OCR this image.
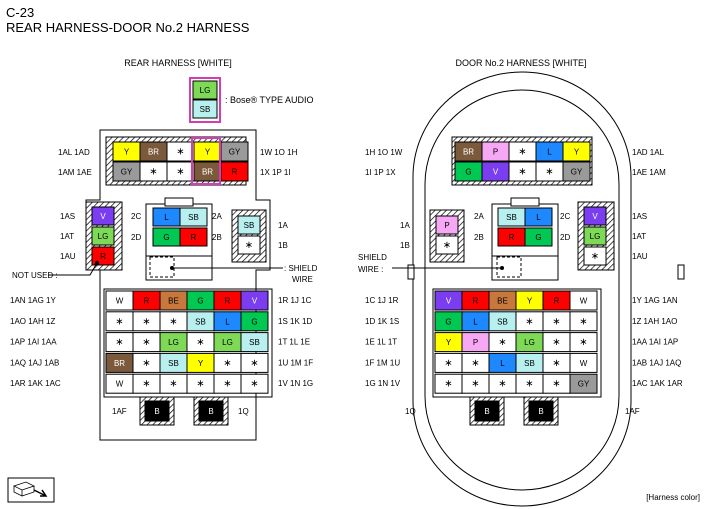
C-23
REAR HARNESS-DOOR No.2 HARNESS
REAR HARNESS [WHITE]
LG
SB
: Bose® TYPE AUDIO
Y BR ∗	Y GY
GY ∗ ∗ BR R
1AL 1AD
1AM 1AE
1W 1O 1H
1X 1P 1I
V
LG
R
1AS
1AT
1AU
NOT USED :
L SB
G	R
2C	2A
2D	2B
: SHIELD
WIRE
SB
∗
1A
1B
W	R BE G	R	V
∗ ∗ ∗ SB L	G
∗ ∗ LG ∗ LG SB
BR ∗ SB Y ∗ ∗
W ∗ ∗ ∗ ∗ ∗
1AN 1AG 1Y
1AO 1AH 1Z
1AP 1AI 1AA
1AQ 1AJ 1AB
1AR 1AK 1AC
1R 1J 1C
1S 1K 1D
1T 1L 1E
1U 1M 1F
1V 1N 1G
B	B
1AF	1Q
DOOR No.2 HARNESS [WHITE]
BR P ∗	L	Y
G	V ∗ ∗ GY
1H 1O 1W
1I 1P 1X
1AD 1AL
1AE 1AM
P
∗
1A
1B
SB L
R	G
2A	2C
2B	2D
SHIELD
WIRE :
V
LG
∗
1AS
1AT
1AU
V	R BE Y	R	W
G	L SB ∗ ∗ ∗
Y	P ∗ LG ∗ ∗
∗ ∗	L SB ∗ W
∗ ∗ ∗ ∗ ∗ GY
1C 1J 1R
1D 1K 1S
1E 1L 1T
1F 1M 1U
1G 1N 1V
1Y 1AG 1AN
1Z 1AH 1AO
1AA 1AI 1AP
1AB 1AJ 1AQ
1AC 1AK 1AR
B	B
1Q	1AF
[Harness color]
